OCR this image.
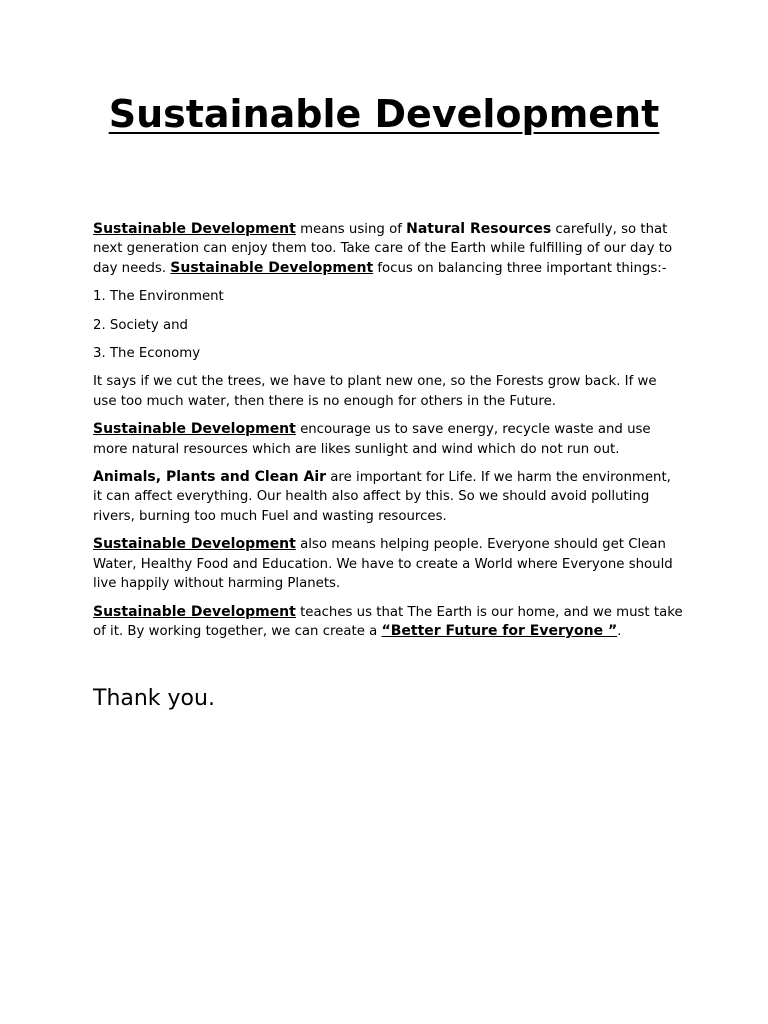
Sustainable Development

Sustainable Development means using of Natural Resources carefully, so that next generation can enjoy them too. Take care of the Earth while fulfilling of our day to day needs. Sustainable Development focus on balancing three important things:-

1. The Environment

2. Society and

3. The Economy

It says if we cut the trees, we have to plant new one, so the Forests grow back. If we use too much water, then there is no enough for others in the Future.

Sustainable Development encourage us to save energy, recycle waste and use more natural resources which are likes sunlight and wind which do not run out.

Animals, Plants and Clean Air are important for Life. If we harm the environment, it can affect everything. Our health also affect by this. So we should avoid polluting rivers, burning too much Fuel and wasting resources.

Sustainable Development also means helping people. Everyone should get Clean Water, Healthy Food and Education. We have to create a World where Everyone should live happily without harming Planets.

Sustainable Development teaches us that The Earth is our home, and we must take of it. By working together, we can create a “Better Future for Everyone ”.

Thank you.
